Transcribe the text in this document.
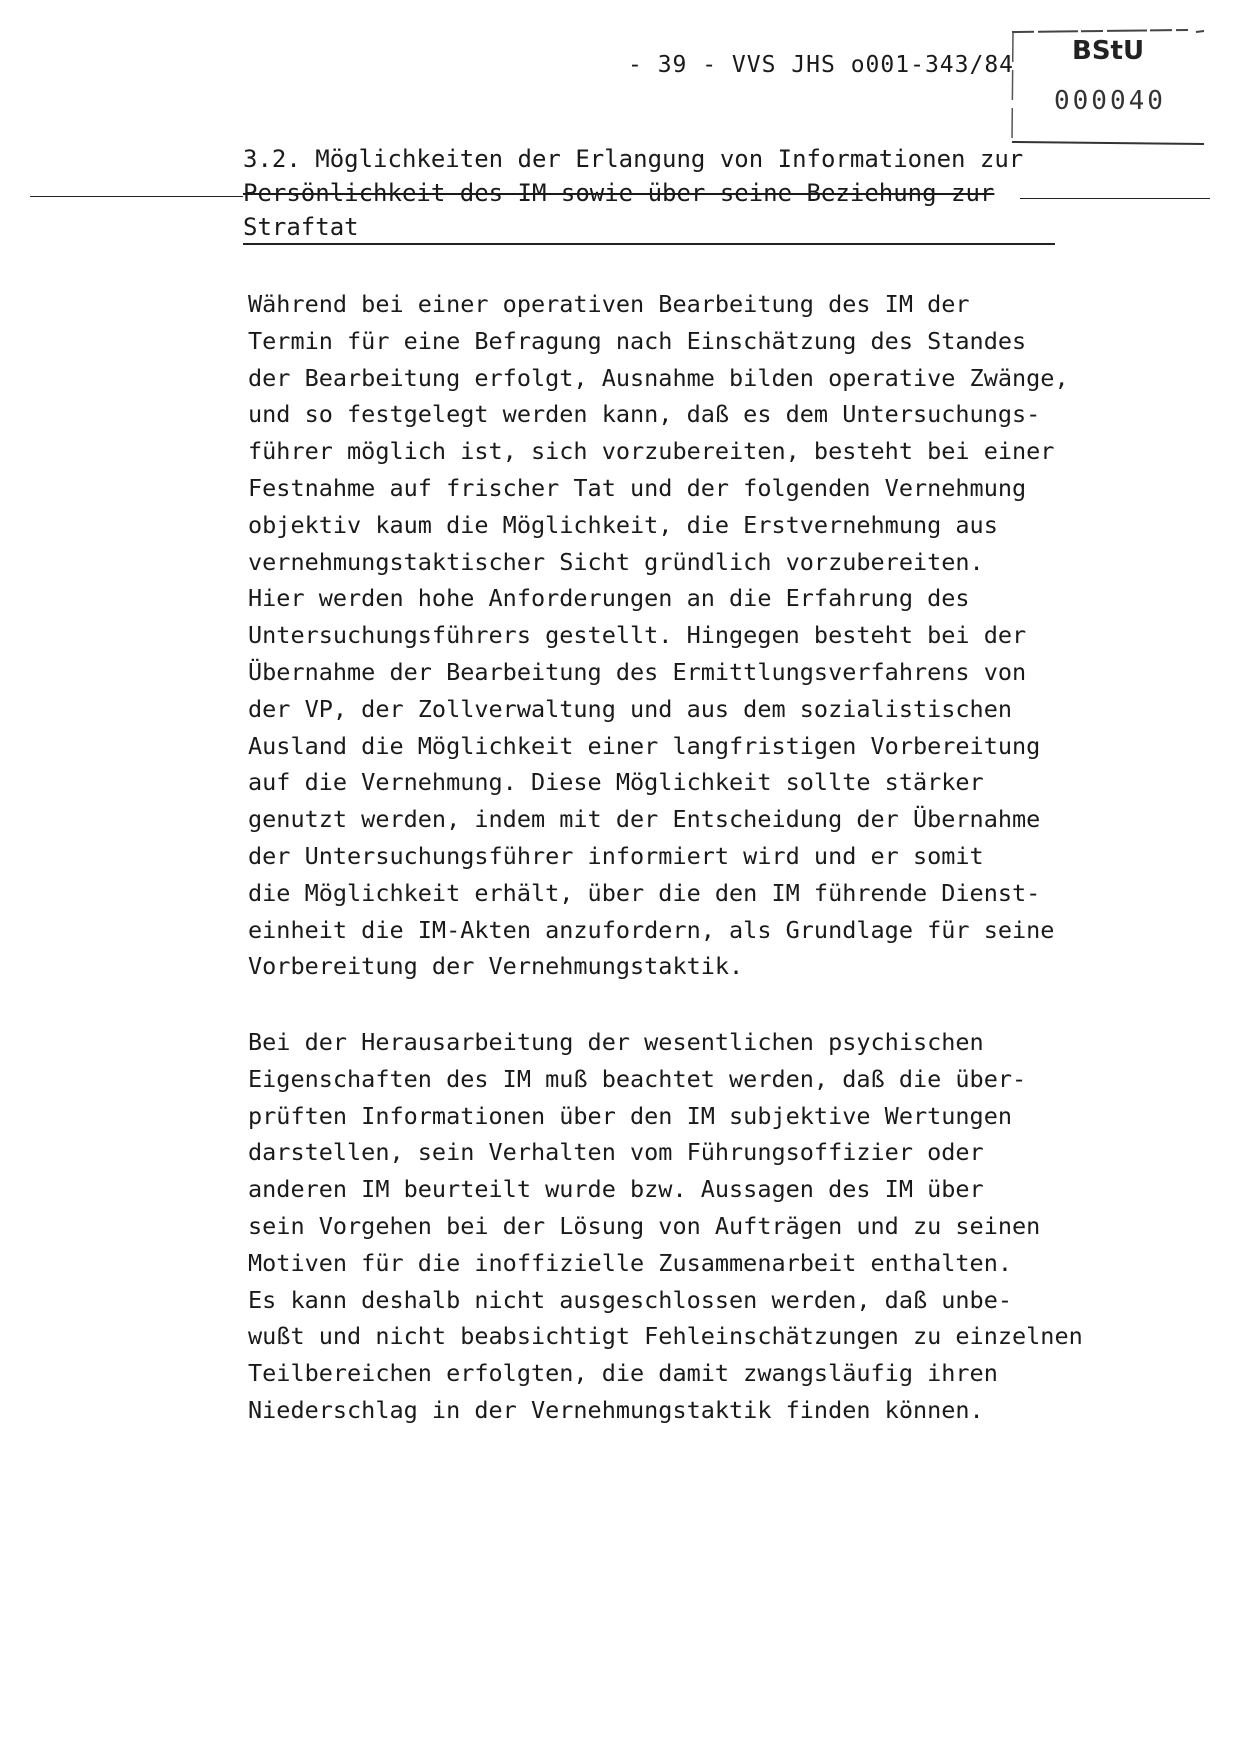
- 39 - VVS JHS o001-343/84 BStU
000040
3.2. Möglichkeiten der Erlangung von Informationen zur
Persönlichkeit des IM sowie über seine Beziehung zur
Straftat
Während bei einer operativen Bearbeitung des IM der
Termin für eine Befragung nach Einschätzung des Standes
der Bearbeitung erfolgt, Ausnahme bilden operative Zwänge,
und so festgelegt werden kann, daß es dem Untersuchungs-
führer möglich ist, sich vorzubereiten, besteht bei einer
Festnahme auf frischer Tat und der folgenden Vernehmung
objektiv kaum die Möglichkeit, die Erstvernehmung aus
vernehmungstaktischer Sicht gründlich vorzubereiten.
Hier werden hohe Anforderungen an die Erfahrung des
Untersuchungsführers gestellt. Hingegen besteht bei der
Übernahme der Bearbeitung des Ermittlungsverfahrens von
der VP, der Zollverwaltung und aus dem sozialistischen
Ausland die Möglichkeit einer langfristigen Vorbereitung
auf die Vernehmung. Diese Möglichkeit sollte stärker
genutzt werden, indem mit der Entscheidung der Übernahme
der Untersuchungsführer informiert wird und er somit
die Möglichkeit erhält, über die den IM führende Dienst-
einheit die IM-Akten anzufordern, als Grundlage für seine
Vorbereitung der Vernehmungstaktik.
Bei der Herausarbeitung der wesentlichen psychischen
Eigenschaften des IM muß beachtet werden, daß die über-
prüften Informationen über den IM subjektive Wertungen
darstellen, sein Verhalten vom Führungsoffizier oder
anderen IM beurteilt wurde bzw. Aussagen des IM über
sein Vorgehen bei der Lösung von Aufträgen und zu seinen
Motiven für die inoffizielle Zusammenarbeit enthalten.
Es kann deshalb nicht ausgeschlossen werden, daß unbe-
wußt und nicht beabsichtigt Fehleinschätzungen zu einzelnen
Teilbereichen erfolgten, die damit zwangsläufig ihren
Niederschlag in der Vernehmungstaktik finden können.
